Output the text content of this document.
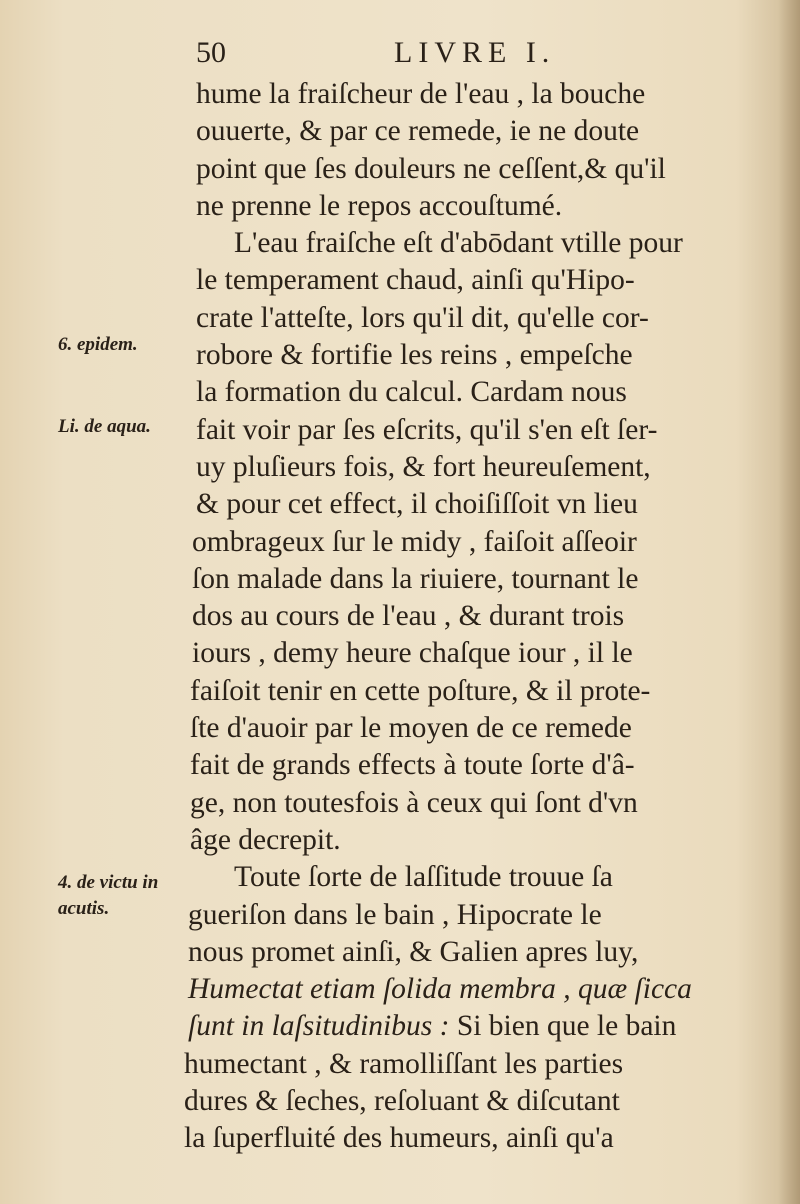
50	LIVRE I.
6. epidem.
Li. de aqua.
4. de victu in acutis.
hume la fraiſcheur de l'eau , la bouche
ouuerte, & par ce remede, ie ne doute
point que ſes douleurs ne ceſſent,& qu'il
ne prenne le repos accouſtumé.
L'eau fraiſche eſt d'abōdant vtille pour
le temperament chaud, ainſi qu'Hipo-
crate l'atteſte, lors qu'il dit, qu'elle cor-
robore & fortifie les reins , empeſche
la formation du calcul. Cardam nous
fait voir par ſes eſcrits, qu'il s'en eſt ſer-
uy pluſieurs fois, & fort heureuſement,
& pour cet effect, il choiſiſſoit vn lieu
ombrageux ſur le midy , faiſoit aſſeoir
ſon malade dans la riuiere, tournant le
dos au cours de l'eau , & durant trois
iours , demy heure chaſque iour , il le
faiſoit tenir en cette poſture, & il prote-
ſte d'auoir par le moyen de ce remede
fait de grands effects à toute ſorte d'â-
ge, non toutesfois à ceux qui ſont d'vn
âge decrepit.
Toute ſorte de laſſitude trouue ſa
gueriſon dans le bain , Hipocrate le
nous promet ainſi, & Galien apres luy,
Humectat etiam ſolida membra , quæ ſicca
ſunt in laſsitudinibus : Si bien que le bain
humectant , & ramolliſſant les parties
dures & ſeches, reſoluant & diſcutant
la ſuperfluité des humeurs, ainſi qu'a
